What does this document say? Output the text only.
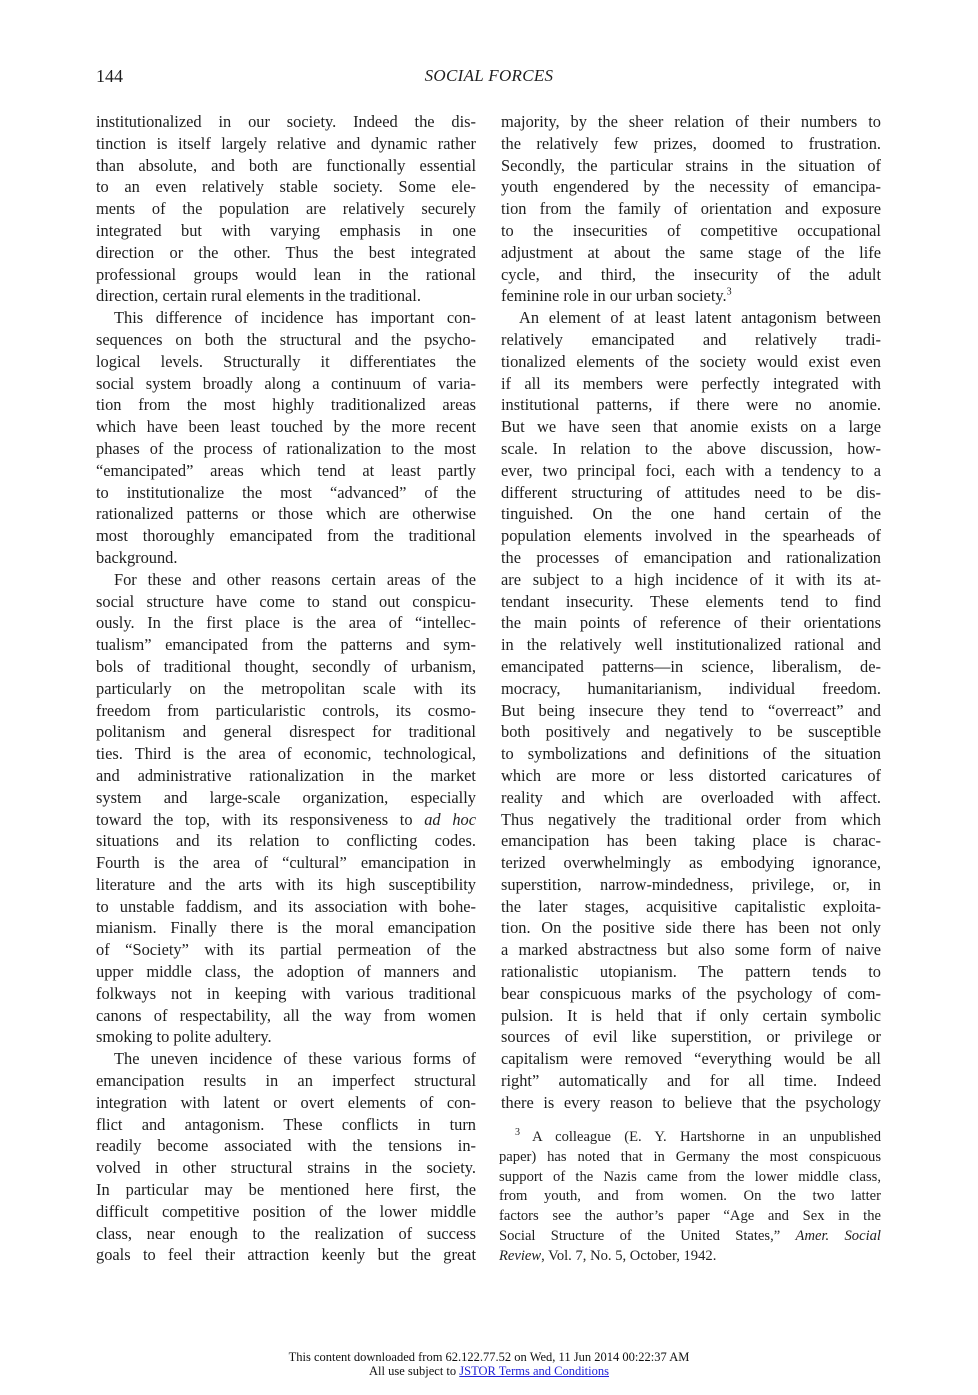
144	SOCIAL FORCES
institutionalized in our society. Indeed the dis-
tinction is itself largely relative and dynamic rather
than absolute, and both are functionally essential
to an even relatively stable society. Some ele-
ments of the population are relatively securely
integrated but with varying emphasis in one
direction or the other. Thus the best integrated
professional groups would lean in the rational
direction, certain rural elements in the traditional.
This difference of incidence has important con-
sequences on both the structural and the psycho-
logical levels. Structurally it differentiates the
social system broadly along a continuum of varia-
tion from the most highly traditionalized areas
which have been least touched by the more recent
phases of the process of rationalization to the most
“emancipated” areas which tend at least partly
to institutionalize the most “advanced” of the
rationalized patterns or those which are otherwise
most thoroughly emancipated from the traditional
background.
For these and other reasons certain areas of the
social structure have come to stand out conspicu-
ously. In the first place is the area of “intellec-
tualism” emancipated from the patterns and sym-
bols of traditional thought, secondly of urbanism,
particularly on the metropolitan scale with its
freedom from particularistic controls, its cosmo-
politanism and general disrespect for traditional
ties. Third is the area of economic, technological,
and administrative rationalization in the market
system and large-scale organization, especially
toward the top, with its responsiveness to ad hoc
situations and its relation to conflicting codes.
Fourth is the area of “cultural” emancipation in
literature and the arts with its high susceptibility
to unstable faddism, and its association with bohe-
mianism. Finally there is the moral emancipation
of “Society” with its partial permeation of the
upper middle class, the adoption of manners and
folkways not in keeping with various traditional
canons of respectability, all the way from women
smoking to polite adultery.
The uneven incidence of these various forms of
emancipation results in an imperfect structural
integration with latent or overt elements of con-
flict and antagonism. These conflicts in turn
readily become associated with the tensions in-
volved in other structural strains in the society.
In particular may be mentioned here first, the
difficult competitive position of the lower middle
class, near enough to the realization of success
goals to feel their attraction keenly but the great
majority, by the sheer relation of their numbers to
the relatively few prizes, doomed to frustration.
Secondly, the particular strains in the situation of
youth engendered by the necessity of emancipa-
tion from the family of orientation and exposure
to the insecurities of competitive occupational
adjustment at about the same stage of the life
cycle, and third, the insecurity of the adult
feminine role in our urban society.$^3$
An element of at least latent antagonism between
relatively emancipated and relatively tradi-
tionalized elements of the society would exist even
if all its members were perfectly integrated with
institutional patterns, if there were no anomie.
But we have seen that anomie exists on a large
scale. In relation to the above discussion, how-
ever, two principal foci, each with a tendency to a
different structuring of attitudes need to be dis-
tinguished. On the one hand certain of the
population elements involved in the spearheads of
the processes of emancipation and rationalization
are subject to a high incidence of it with its at-
tendant insecurity. These elements tend to find
the main points of reference of their orientations
in the relatively well institutionalized rational and
emancipated patterns—in science, liberalism, de-
mocracy, humanitarianism, individual freedom.
But being insecure they tend to “overreact” and
both positively and negatively to be susceptible
to symbolizations and definitions of the situation
which are more or less distorted caricatures of
reality and which are overloaded with affect.
Thus negatively the traditional order from which
emancipation has been taking place is charac-
terized overwhelmingly as embodying ignorance,
superstition, narrow-mindedness, privilege, or, in
the later stages, acquisitive capitalistic exploita-
tion. On the positive side there has been not only
a marked abstractness but also some form of naive
rationalistic utopianism. The pattern tends to
bear conspicuous marks of the psychology of com-
pulsion. It is held that if only certain symbolic
sources of evil like superstition, or privilege or
capitalism were removed “everything would be all
right” automatically and for all time. Indeed
there is every reason to believe that the psychology
$^3$ A colleague (E. Y. Hartshorne in an unpublished
paper) has noted that in Germany the most conspicuous
support of the Nazis came from the lower middle class,
from youth, and from women. On the two latter
factors see the author’s paper “Age and Sex in the
Social Structure of the United States,” Amer. Social
Review, Vol. 7, No. 5, October, 1942.
This content downloaded from 62.122.77.52 on Wed, 11 Jun 2014 00:22:37 AM
All use subject to JSTOR Terms and Conditions
